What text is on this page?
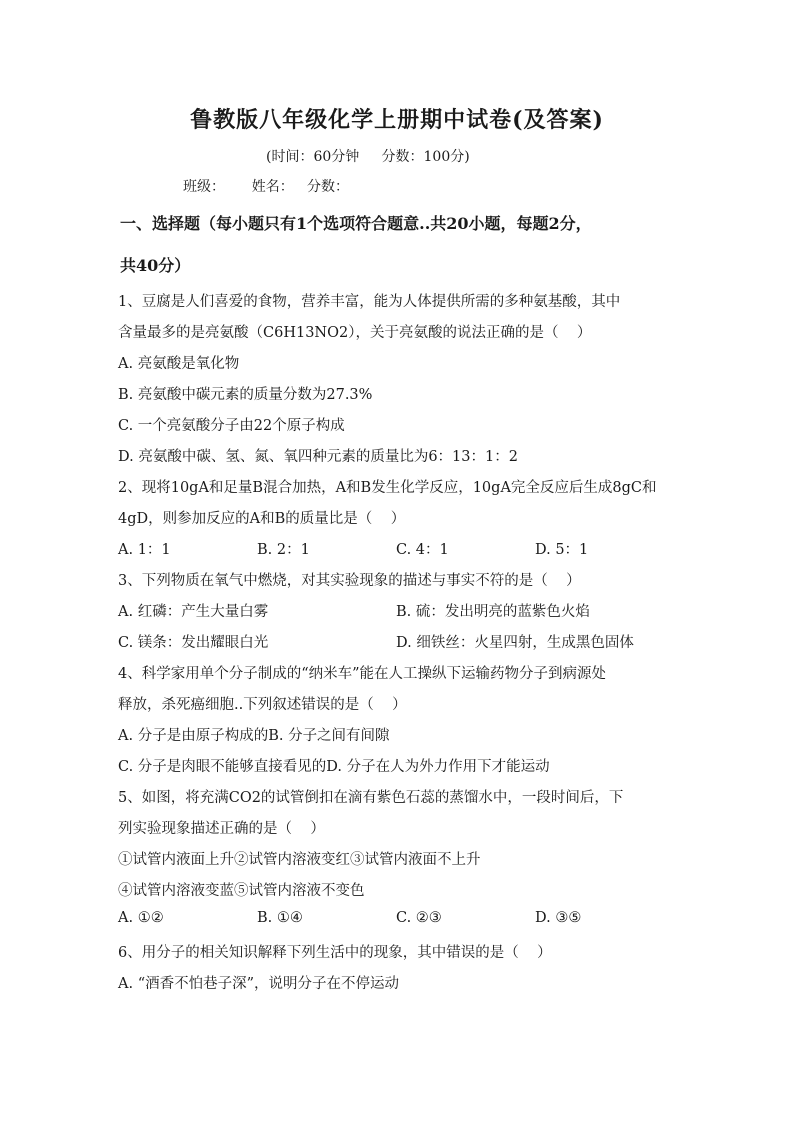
鲁教版八年级化学上册期中试卷(及答案)
(时间：60分钟     分数：100分)
班级：      姓名：   分数：
一、选择题（每小题只有1个选项符合题意..共20小题，每题2分，
共40分）
1、豆腐是人们喜爱的食物，营养丰富，能为人体提供所需的多种氨基酸，其中
含量最多的是亮氨酸（C6H13NO2），关于亮氨酸的说法正确的是（    ）
A. 亮氨酸是氧化物
B. 亮氨酸中碳元素的质量分数为27.3%
C. 一个亮氨酸分子由22个原子构成
D. 亮氨酸中碳、氢、氮、氧四种元素的质量比为6：13：1：2
2、现将10gA和足量B混合加热，A和B发生化学反应，10gA完全反应后生成8gC和
4gD，则参加反应的A和B的质量比是（    ）
A. 1：1	B. 2：1	C. 4：1	D. 5：1
3、下列物质在氧气中燃烧，对其实验现象的描述与事实不符的是（    ）
A. 红磷：产生大量白雾	B. 硫：发出明亮的蓝紫色火焰
C. 镁条：发出耀眼白光	D. 细铁丝：火星四射，生成黑色固体
4、科学家用单个分子制成的“纳米车”能在人工操纵下运输药物分子到病源处
释放，杀死癌细胞..下列叙述错误的是（    ）
A. 分子是由原子构成的B. 分子之间有间隙
C. 分子是肉眼不能够直接看见的D. 分子在人为外力作用下才能运动
5、如图，将充满CO2的试管倒扣在滴有紫色石蕊的蒸馏水中，一段时间后，下
列实验现象描述正确的是（    ）
①试管内液面上升②试管内溶液变红③试管内液面不上升
④试管内溶液变蓝⑤试管内溶液不变色
A. ①②	B. ①④	C. ②③	D. ③⑤
6、用分子的相关知识解释下列生活中的现象，其中错误的是（    ）
A. “酒香不怕巷子深”，说明分子在不停运动
